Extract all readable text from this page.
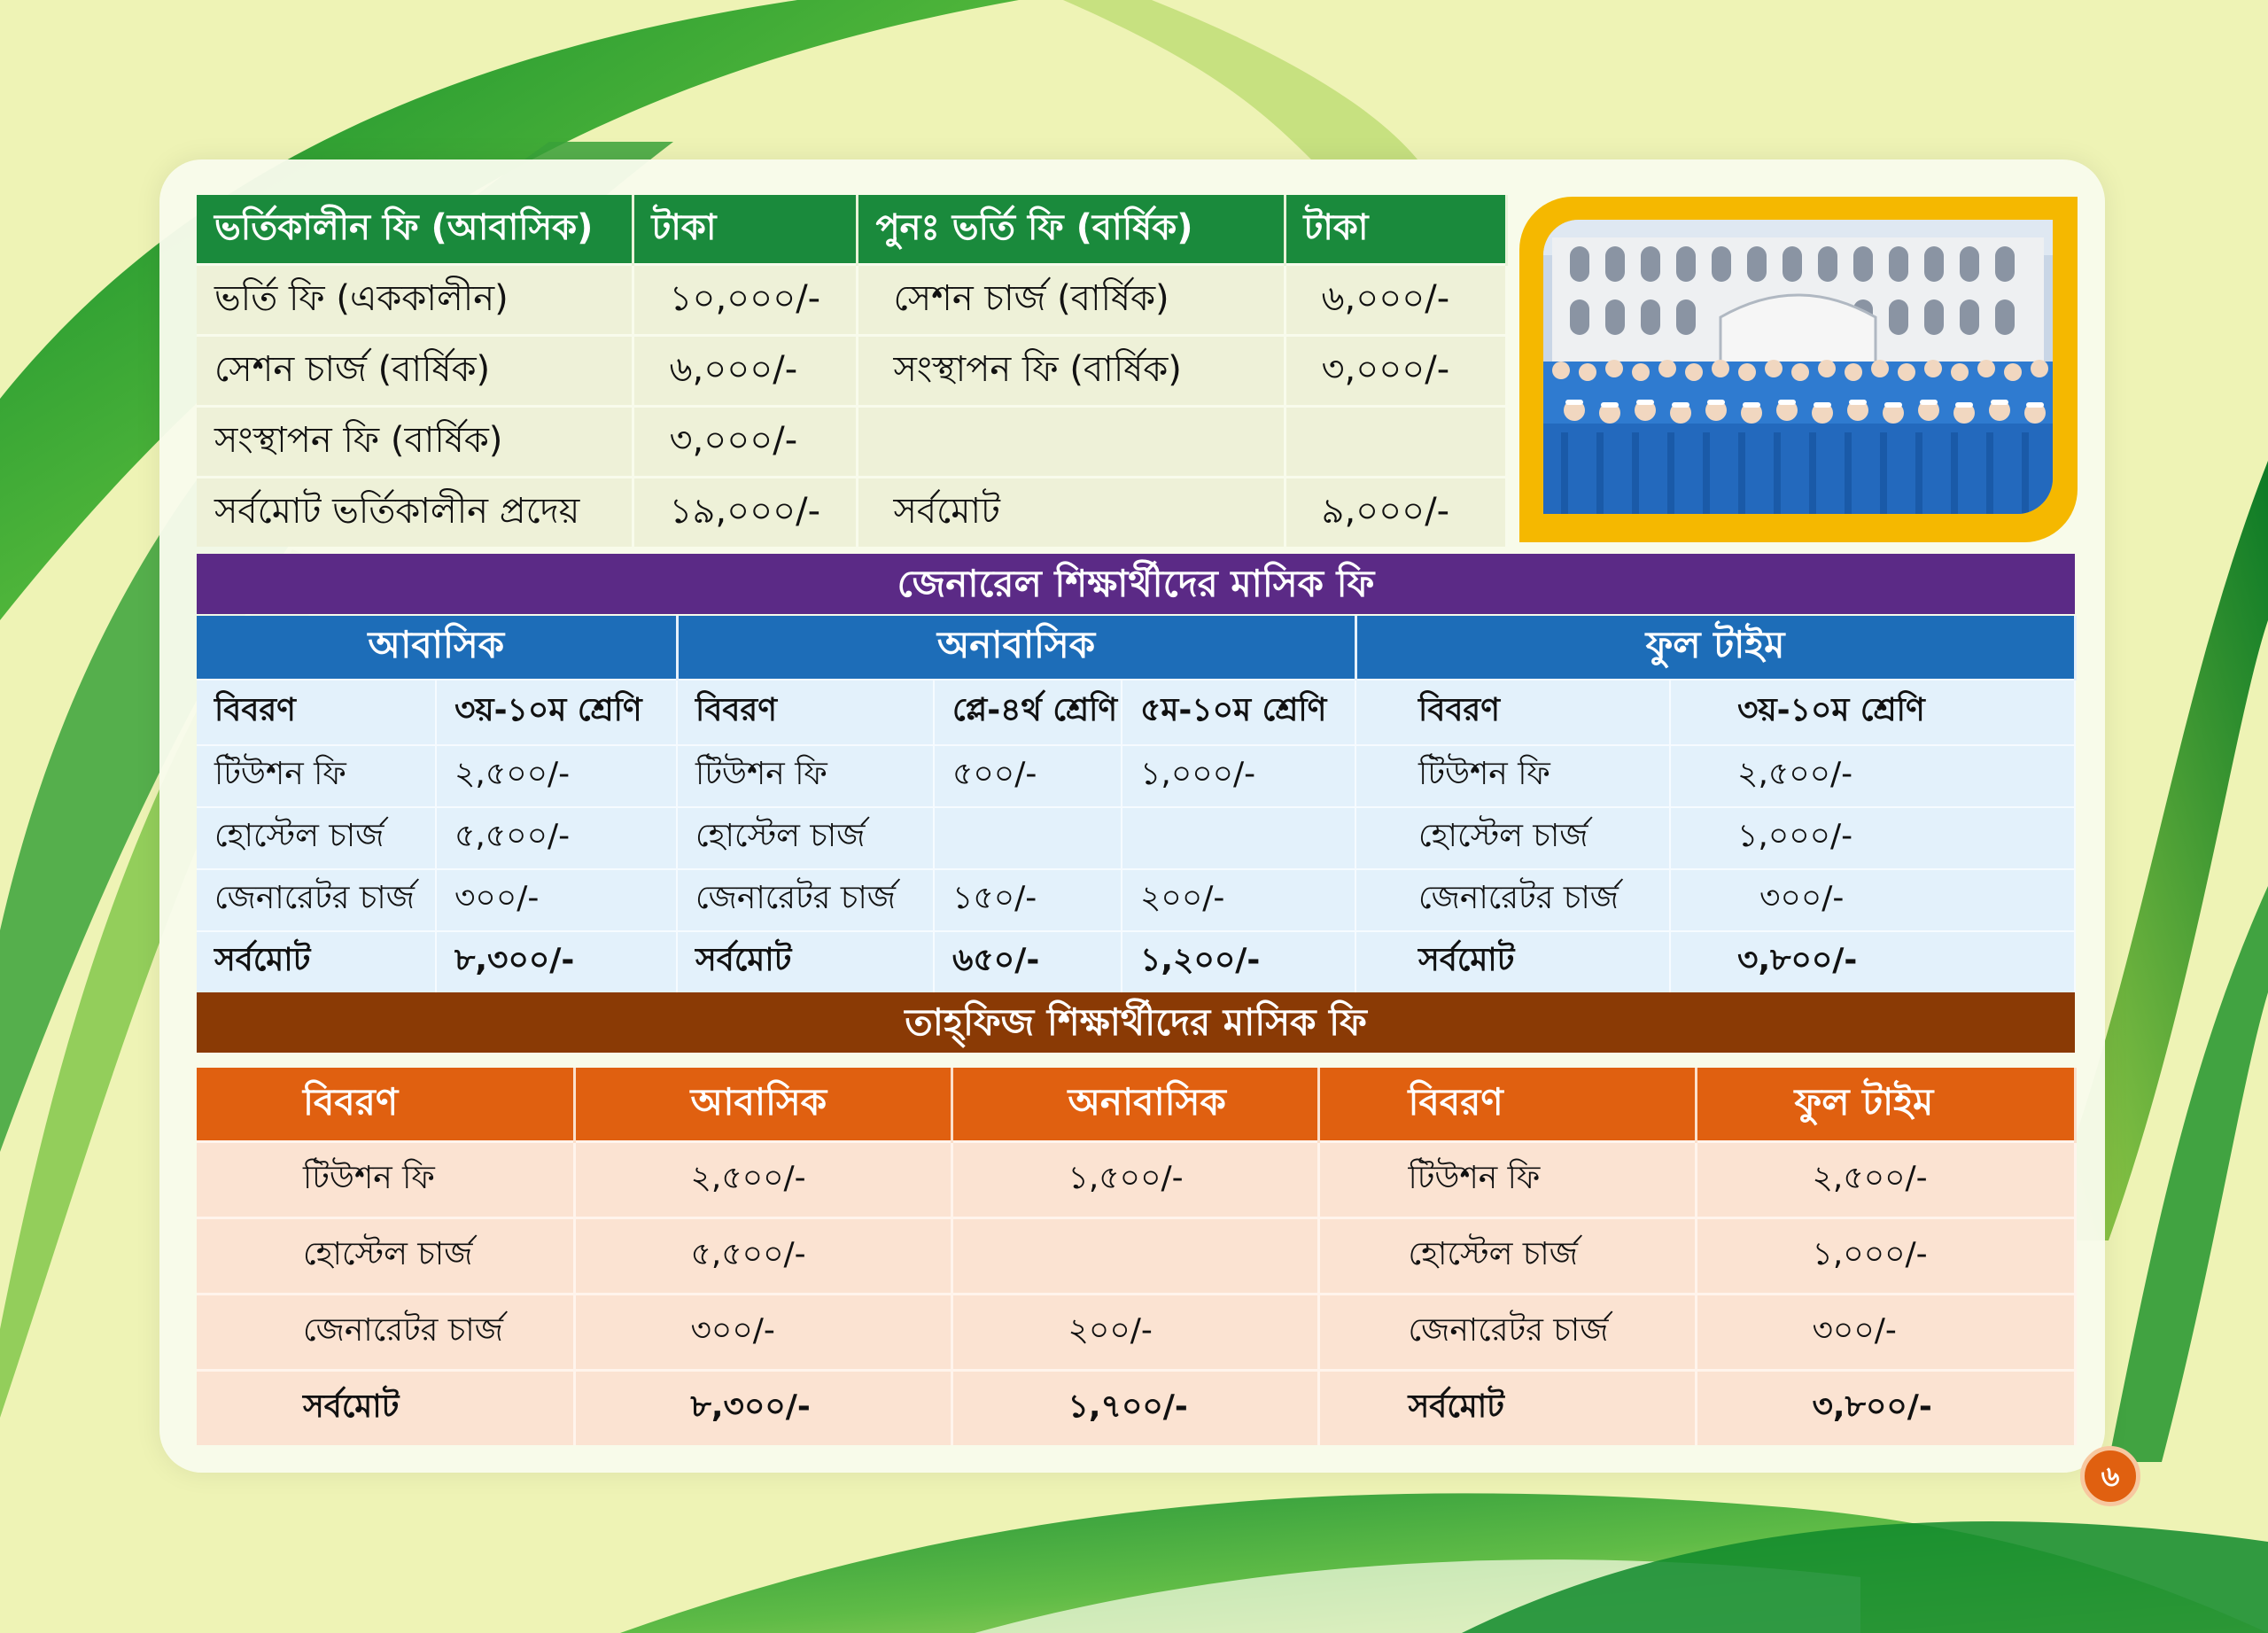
ভর্তিকালীন ফি (আবাসিক)	টাকা	পুনঃ ভর্তি ফি (বার্ষিক)	টাকা
ভর্তি ফি (এককালীন)	১০,০০০/-	সেশন চার্জ (বার্ষিক)	৬,০০০/-
সেশন চার্জ (বার্ষিক)	৬,০০০/-	সংস্থাপন ফি (বার্ষিক)	৩,০০০/-
সংস্থাপন ফি (বার্ষিক)	৩,০০০/-		
সর্বমোট ভর্তিকালীন প্রদেয়	১৯,০০০/-	সর্বমোট	৯,০০০/-
জেনারেল শিক্ষার্থীদের মাসিক ফি
আবাসিক		অনাবাসিক			ফুল টাইম	
বিবরণ	৩য়-১০ম শ্রেণি	বিবরণ	প্লে-৪র্থ শ্রেণি	৫ম-১০ম শ্রেণি	বিবরণ	৩য়-১০ম শ্রেণি
টিউশন ফি	২,৫০০/-	টিউশন ফি	৫০০/-	১,০০০/-	টিউশন ফি	২,৫০০/-
হোস্টেল চার্জ	৫,৫০০/-	হোস্টেল চার্জ			হোস্টেল চার্জ	১,০০০/-
জেনারেটর চার্জ	৩০০/-	জেনারেটর চার্জ	১৫০/-	২০০/-	জেনারেটর চার্জ	৩০০/-
সর্বমোট	৮,৩০০/-	সর্বমোট	৬৫০/-	১,২০০/-	সর্বমোট	৩,৮০০/-
তাহ্‌ফিজ শিক্ষার্থীদের মাসিক ফি
বিবরণ	আবাসিক	অনাবাসিক	বিবরণ	ফুল টাইম
টিউশন ফি	২,৫০০/-	১,৫০০/-	টিউশন ফি	২,৫০০/-
হোস্টেল চার্জ	৫,৫০০/-		হোস্টেল চার্জ	১,০০০/-
জেনারেটর চার্জ	৩০০/-	২০০/-	জেনারেটর চার্জ	৩০০/-
সর্বমোট	৮,৩০০/-	১,৭০০/-	সর্বমোট	৩,৮০০/-
৬
